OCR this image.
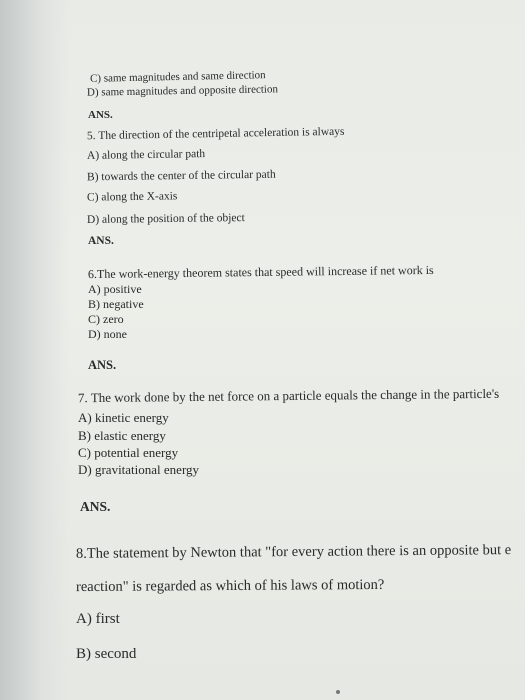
C) same magnitudes and same direction
D) same magnitudes and opposite direction
ANS.
5. The direction of the centripetal acceleration is always
A) along the circular path
B) towards the center of the circular path
C) along the X-axis
D) along the position of the object
ANS.
6.The work-energy theorem states that speed will increase if net work is
A) positive
B) negative
C) zero
D) none
ANS.
7. The work done by the net force on a particle equals the change in the particle's
A) kinetic energy
B) elastic energy
C) potential energy
D) gravitational energy
ANS.
8.The statement by Newton that "for every action there is an opposite but e
reaction" is regarded as which of his laws of motion?
A) first
B) second
